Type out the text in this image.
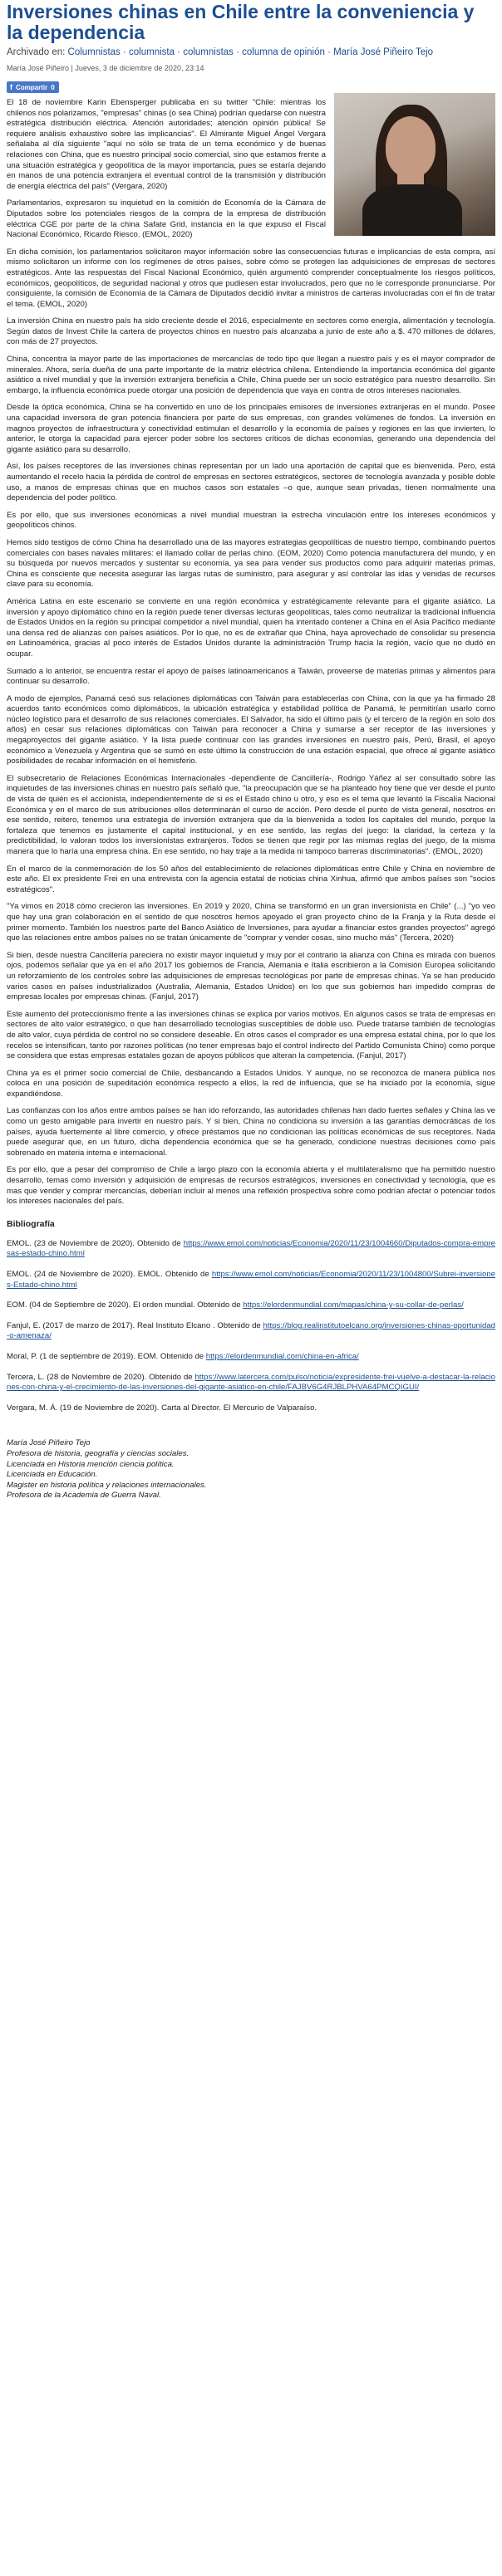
Inversiones chinas en Chile entre la conveniencia y la dependencia
Archivado en: Columnistas · columnista · columnistas · columna de opinión · María José Piñeiro Tejo
María José Piñeiro | Jueves, 3 de diciembre de 2020, 23:14
f Compartir 0

El 18 de noviembre Karin Ebensperger publicaba en su twitter "Chile: mientras los chilenos nos polarizamos, "empresas" chinas (o sea China) podrían quedarse con nuestra estratégica distribución eléctrica. Atención autoridades; atención opinión pública! Se requiere análisis exhaustivo sobre las implicancias". El Almirante Miguel Ángel Vergara señalaba al día siguiente "aquí no sólo se trata de un tema económico y de buenas relaciones con China, que es nuestro principal socio comercial, sino que estamos frente a una situación estratégica y geopolítica de la mayor importancia, pues se estaría dejando en manos de una potencia extranjera el eventual control de la transmisión y distribución de energía eléctrica del país" (Vergara, 2020)

Parlamentarios, expresaron su inquietud en la comisión de Economía de la Cámara de Diputados sobre los potenciales riesgos de la compra de la empresa de distribución eléctrica CGE por parte de la china Safate Grid, instancia en la que expuso el Fiscal Nacional Económico, Ricardo Riesco. (EMOL, 2020)

En dicha comisión, los parlamentarios solicitaron mayor información sobre las consecuencias futuras e implicancias de esta compra, así mismo solicitaron un informe con los regímenes de otros países, sobre cómo se protegen las adquisiciones de empresas de sectores estratégicos. Ante las respuestas del Fiscal Nacional Económico, quién argumentó comprender conceptualmente los riesgos políticos, económicos, geopolíticos, de seguridad nacional y otros que pudiesen estar involucrados, pero que no le corresponde pronunciarse. Por consiguiente, la comisión de Economía de la Cámara de Diputados decidió invitar a ministros de carteras involucradas con el fin de tratar el tema. (EMOL, 2020)

La inversión China en nuestro país ha sido creciente desde el 2016, especialmente en sectores como energía, alimentación y tecnología. Según datos de Invest Chile la cartera de proyectos chinos en nuestro país alcanzaba a junio de este año a $. 470 millones de dólares, con más de 27 proyectos.

China, concentra la mayor parte de las importaciones de mercancías de todo tipo que llegan a nuestro país y es el mayor comprador de minerales. Ahora, sería dueña de una parte importante de la matriz eléctrica chilena. Entendiendo la importancia económica del gigante asiático a nivel mundial y que la inversión extranjera beneficia a Chile, China puede ser un socio estratégico para nuestro desarrollo. Sin embargo, la influencia económica puede otorgar una posición de dependencia que vaya en contra de otros intereses nacionales.

Desde la óptica económica, China se ha convertido en uno de los principales emisores de inversiones extranjeras en el mundo. Posee una capacidad inversora de gran potencia financiera por parte de sus empresas, con grandes volúmenes de fondos. La inversión en magnos proyectos de infraestructura y conectividad estimulan el desarrollo y la economía de países y regiones en las que invierten, lo anterior, le otorga la capacidad para ejercer poder sobre los sectores críticos de dichas economías, generando una dependencia del gigante asiático para su desarrollo.

Así, los países receptores de las inversiones chinas representan por un lado una aportación de capital que es bienvenida. Pero, está aumentando el recelo hacia la pérdida de control de empresas en sectores estratégicos, sectores de tecnología avanzada y posible doble uso, a manos de empresas chinas que en muchos casos son estatales –o que, aunque sean privadas, tienen normalmente una dependencia del poder político.

Es por ello, que sus inversiones económicas a nivel mundial muestran la estrecha vinculación entre los intereses económicos y geopolíticos chinos.

Hemos sido testigos de cómo China ha desarrollado una de las mayores estrategias geopolíticas de nuestro tiempo, combinando puertos comerciales con bases navales militares: el llamado collar de perlas chino. (EOM, 2020) Como potencia manufacturera del mundo, y en su búsqueda por nuevos mercados y sustentar su economía, ya sea para vender sus productos como para adquirir materias primas, China es consciente que necesita asegurar las largas rutas de suministro, para asegurar y así controlar las idas y venidas de recursos clave para su economía.

América Latina en este escenario se convierte en una región económica y estratégicamente relevante para el gigante asiático. La inversión y apoyo diplomático chino en la región puede tener diversas lecturas geopolíticas, tales como neutralizar la tradicional influencia de Estados Unidos en la región su principal competidor a nivel mundial, quien ha intentado contener a China en el Asia Pacífico mediante una densa red de alianzas con países asiáticos. Por lo que, no es de extrañar que China, haya aprovechado de consolidar su presencia en Latinoamérica, gracias al poco interés de Estados Unidos durante la administración Trump hacia la región, vacío que no dudó en ocupar.

Sumado a lo anterior, se encuentra restar el apoyo de países latinoamericanos a Taiwán, proveerse de materias primas y alimentos para continuar su desarrollo.

A modo de ejemplos, Panamá cesó sus relaciones diplomáticas con Taiwán para establecerlas con China, con la que ya ha firmado 28 acuerdos tanto económicos como diplomáticos, la ubicación estratégica y estabilidad política de Panamá, le permitirían usarlo como núcleo logístico para el desarrollo de sus relaciones comerciales. El Salvador, ha sido el último país (y el tercero de la región en solo dos años) en cesar sus relaciones diplomáticas con Taiwán para reconocer a China y sumarse a ser receptor de las inversiones y megaproyectos del gigante asiático. Y la lista puede continuar con las grandes inversiones en nuestro país, Perú, Brasil, el apoyo económico a Venezuela y Argentina que se sumó en este último la construcción de una estación espacial, que ofrece al gigante asiático posibilidades de recabar información en el hemisferio.

El subsecretario de Relaciones Económicas Internacionales -dependiente de Cancillería-, Rodrigo Yáñez al ser consultado sobre las inquietudes de las inversiones chinas en nuestro país señaló que, "la preocupación que se ha planteado hoy tiene que ver desde el punto de vista de quién es el accionista, independientemente de si es el Estado chino u otro, y eso es el tema que levantó la Fiscalía Nacional Económica y en el marco de sus atribuciones ellos determinarán el curso de acción. Pero desde el punto de vista general, nosotros en ese sentido, reitero, tenemos una estrategia de inversión extranjera que da la bienvenida a todos los capitales del mundo, porque la fortaleza que tenemos es justamente el capital institucional, y en ese sentido, las reglas del juego: la claridad, la certeza y la predictibilidad, lo valoran todos los inversionistas extranjeros. Todos se tienen que regir por las mismas reglas del juego, de la misma manera que lo haría una empresa china. En ese sentido, no hay traje a la medida ni tampoco barreras discriminatorias". (EMOL, 2020)

En el marco de la conmemoración de los 50 años del establecimiento de relaciones diplomáticas entre Chile y China en noviembre de este año. El ex presidente Frei en una entrevista con la agencia estatal de noticias china Xinhua, afirmó que ambos países son "socios estratégicos".

"Ya vimos en 2018 cómo crecieron las inversiones. En 2019 y 2020, China se transformó en un gran inversionista en Chile" (...) "yo veo que hay una gran colaboración en el sentido de que nosotros hemos apoyado el gran proyecto chino de la Franja y la Ruta desde el primer momento. También los nuestros parte del Banco Asiático de Inversiones, para ayudar a financiar estos grandes proyectos" agregó que las relaciones entre ambos países no se tratan únicamente de "comprar y vender cosas, sino mucho más" (Tercera, 2020)

Si bien, desde nuestra Cancillería pareciera no existir mayor inquietud y muy por el contrario la alianza con China es mirada con buenos ojos, podemos señalar que ya en el año 2017 los gobiernos de Francia, Alemania e Italia escribieron a la Comisión Europea solicitando un reforzamiento de los controles sobre las adquisiciones de empresas tecnológicas por parte de empresas chinas. Ya se han producido varios casos en países industrializados (Australia, Alemania, Estados Unidos) en los que sus gobiernos han impedido compras de empresas locales por empresas chinas. (Fanjul, 2017)

Este aumento del proteccionismo frente a las inversiones chinas se explica por varios motivos. En algunos casos se trata de empresas en sectores de alto valor estratégico, o que han desarrollado tecnologías susceptibles de doble uso. Puede tratarse también de tecnologías de alto valor, cuya pérdida de control no se considere deseable. En otros casos el comprador es una empresa estatal china, por lo que los recelos se intensifican, tanto por razones políticas (no tener empresas bajo el control indirecto del Partido Comunista Chino) como porque se considera que estas empresas estatales gozan de apoyos públicos que alteran la competencia. (Fanjul, 2017)

China ya es el primer socio comercial de Chile, desbancando a Estados Unidos. Y aunque, no se reconozca de manera pública nos coloca en una posición de supeditación económica respecto a ellos, la red de influencia, que se ha iniciado por la economía, sigue expandiéndose.

Las confianzas con los años entre ambos países se han ido reforzando, las autoridades chilenas han dado fuertes señales y China las ve como un gesto amigable para invertir en nuestro país. Y si bien, China no condiciona su inversión a las garantías democráticas de los países, ayuda fuertemente al libre comercio, y ofrece préstamos que no condicionan las políticas económicas de sus receptores. Nada puede asegurar que, en un futuro, dicha dependencia económica que se ha generado, condicione nuestras decisiones como país sobrenado en materia interna e internacional.

Es por ello, que a pesar del compromiso de Chile a largo plazo con la economía abierta y el multilateralismo que ha permitido nuestro desarrollo, temas como inversión y adquisición de empresas de recursos estratégicos, inversiones en conectividad y tecnología, que es mas que vender y comprar mercancías, deberían incluir al menos una reflexión prospectiva sobre como podrían afectar o potenciar todos los intereses nacionales del país.

Bibliografía
EMOL. (23 de Noviembre de 2020). Obtenido de https://www.emol.com/noticias/Economia/2020/11/23/1004660/Diputados-compra-empresas-estado-chino.html
EMOL. (24 de Noviembre de 2020). EMOL. Obtenido de https://www.emol.com/noticias/Economia/2020/11/23/1004800/Subrei-inversiones-Estado-chino.html
EOM. (04 de Septiembre de 2020). El orden mundial. Obtenido de https://elordenmundial.com/mapas/china-y-su-collar-de-perlas/
Fanjul, E. (2017 de marzo de 2017). Real Instituto Elcano . Obtenido de https://blog.realinstitutoelcano.org/inversiones-chinas-oportunidad-o-amenaza/
Moral, P. (1 de septiembre de 2019). EOM. Obtenido de https://elordenmundial.com/china-en-africa/
Tercera, L. (28 de Noviembre de 2020). Obtenido de https://www.latercera.com/pulso/noticia/expresidente-frei-vuelve-a-destacar-la-relaciones-con-china-y-el-crecimiento-de-las-inversiones-del-gigante-asiatico-en-chile/FAJBV6G4RJBLPHVA64PMCQIGUI/
Vergara, M. Á. (19 de Noviembre de 2020). Carta al Director. El Mercurio de Valparaíso.
María José Piñeiro Tejo
Profesora de historia, geografía y ciencias sociales.
Licenciada en Historia mención ciencia política.
Licenciada en Educación.
Magister en historia política y relaciones internacionales.
Profesora de la Academia de Guerra Naval.
